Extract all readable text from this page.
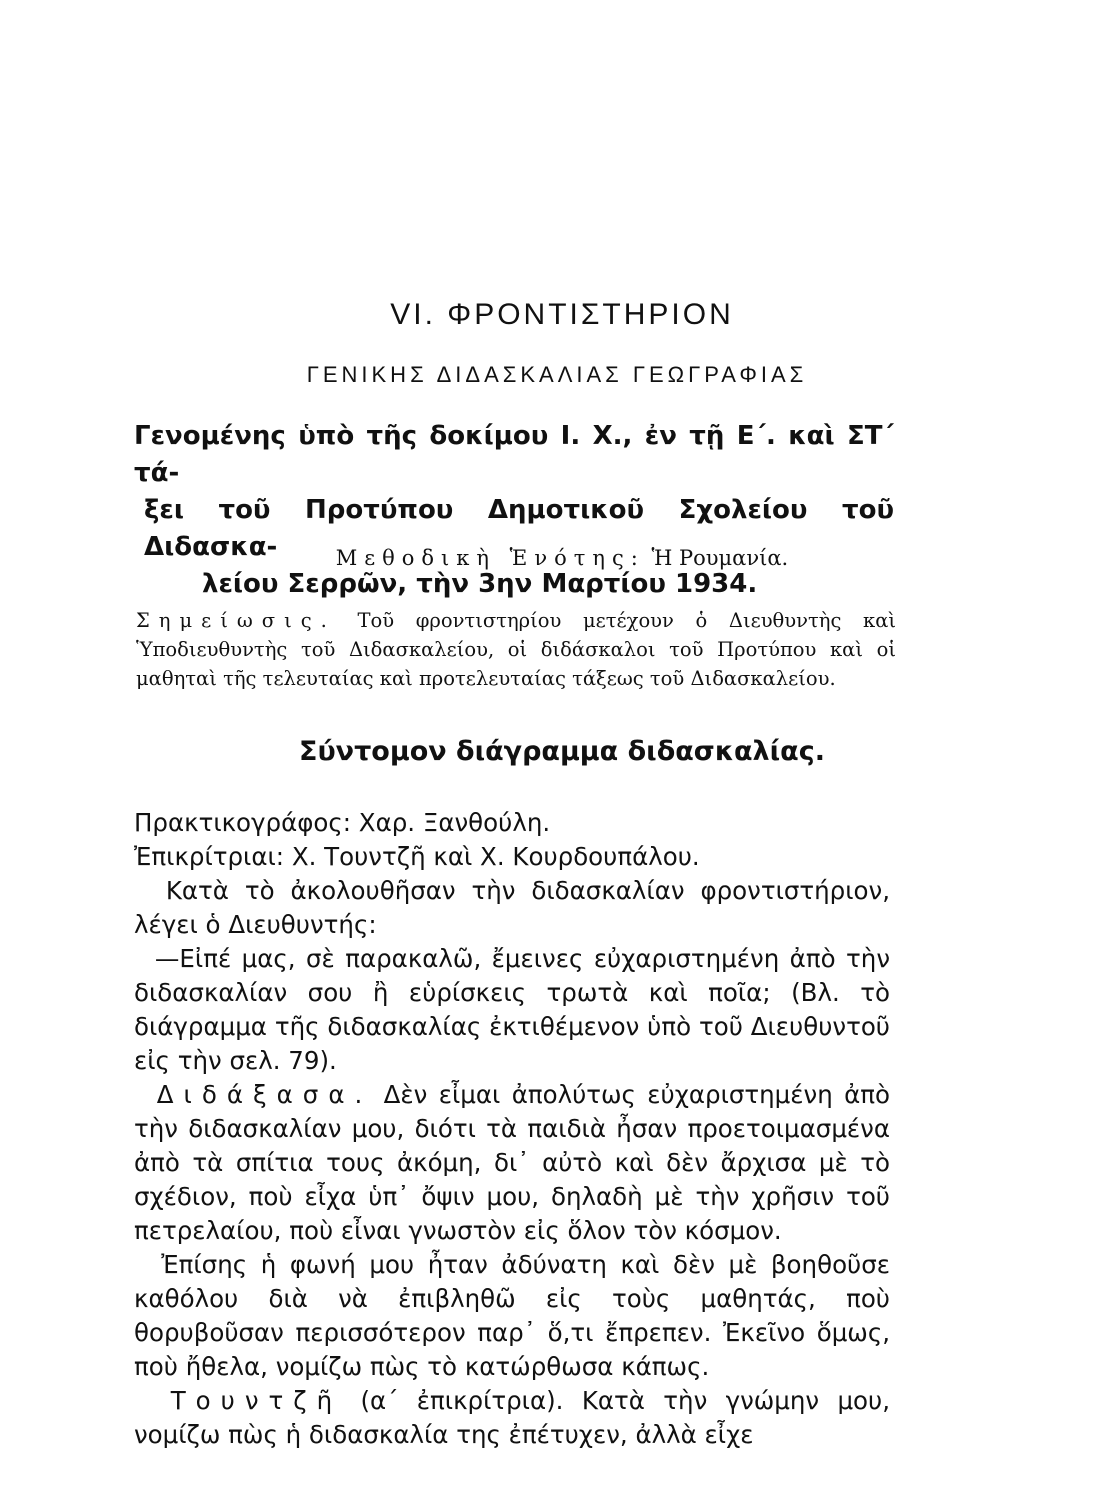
VI. ΦΡΟΝΤΙΣΤΗΡΙΟΝ
ΓΕΝΙΚΗΣ ΔΙΔΑΣΚΑΛΙΑΣ ΓΕΩΓΡΑΦΙΑΣ

Γενομένης ὑπὸ τῆς δοκίμου Ι. Χ., ἐν τῇ Ε΄. καὶ ΣΤ΄ τά-
ξει τοῦ Προτύπου Δημοτικοῦ Σχολείου τοῦ Διδασκα-
λείου Σερρῶν, τὴν 3ην Μαρτίου 1934.

Μεθοδικὴ Ἑνότης: Ἡ Ρουμανία.

Σημείωσις. Τοῦ φροντιστηρίου μετέχουν ὁ Διευθυντὴς καὶ Ὑποδιευθυντὴς τοῦ Διδασκαλείου, οἱ διδάσκαλοι τοῦ Προτύπου καὶ οἱ μαθηταὶ τῆς τελευταίας καὶ προτελευταίας τάξεως τοῦ Διδασκαλείου.

Σύντομον διάγραμμα διδασκαλίας.

Πρακτικογράφος: Χαρ. Ξανθούλη.

Ἐπικρίτριαι: Χ. Τουντζῆ καὶ Χ. Κουρδουπάλου.

Κατὰ τὸ ἀκολουθῆσαν τὴν διδασκαλίαν φροντιστήριον, λέγει ὁ Διευθυντής:

—Εἰπέ μας, σὲ παρακαλῶ, ἔμεινες εὐχαριστημένη ἀπὸ τὴν διδασκαλίαν σου ἢ εὑρίσκεις τρωτὰ καὶ ποῖα; (Βλ. τὸ διάγραμμα τῆς διδασκαλίας ἐκτιθέμενον ὑπὸ τοῦ Διευθυντοῦ εἰς τὴν σελ. 79).

Διδάξασα. Δὲν εἶμαι ἀπολύτως εὐχαριστημένη ἀπὸ τὴν διδασκαλίαν μου, διότι τὰ παιδιὰ ἦσαν προετοιμασμένα ἀπὸ τὰ σπίτια τους ἀκόμη, δι᾽ αὐτὸ καὶ δὲν ἄρχισα μὲ τὸ σχέδιον, ποὺ εἶχα ὑπ᾽ ὄψιν μου, δηλαδὴ μὲ τὴν χρῆσιν τοῦ πετρελαίου, ποὺ εἶναι γνωστὸν εἰς ὅλον τὸν κόσμον.

Ἐπίσης ἡ φωνή μου ἦταν ἀδύνατη καὶ δὲν μὲ βοηθοῦσε καθόλου διὰ νὰ ἐπιβληθῶ εἰς τοὺς μαθητάς, ποὺ θορυβοῦσαν περισσότερον παρ᾽ ὅ,τι ἔπρεπεν. Ἐκεῖνο ὅμως, ποὺ ἤθελα, νομίζω πὼς τὸ κατώρθωσα κάπως.

Τουντζῆ (α΄ ἐπικρίτρια). Κατὰ τὴν γνώμην μου, νομίζω πὼς ἡ διδασκαλία της ἐπέτυχεν, ἀλλὰ εἶχε
